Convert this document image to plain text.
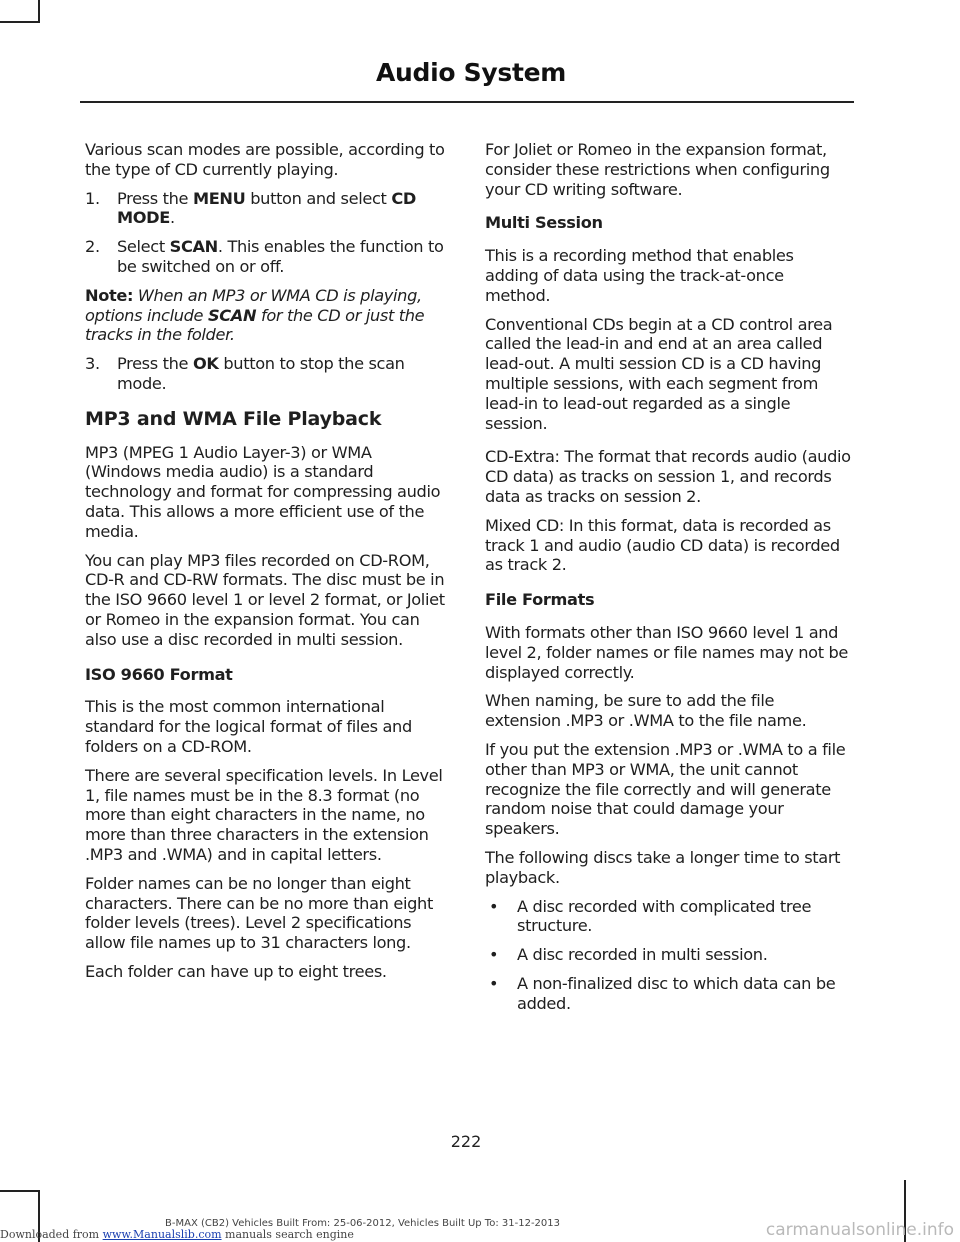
Audio System

Various scan modes are possible, according to the type of CD currently playing.

1.	Press the MENU button and select CD MODE.
2.	Select SCAN. This enables the function to be switched on or off.

Note: When an MP3 or WMA CD is playing, options include SCAN for the CD or just the tracks in the folder.

3.	Press the OK button to stop the scan mode.
MP3 and WMA File Playback

MP3 (MPEG 1 Audio Layer-3) or WMA (Windows media audio) is a standard technology and format for compressing audio data. This allows a more efficient use of the media.

You can play MP3 files recorded on CD-ROM, CD-R and CD-RW formats. The disc must be in the ISO 9660 level 1 or level 2 format, or Joliet or Romeo in the expansion format. You can also use a disc recorded in multi session.

ISO 9660 Format

This is the most common international standard for the logical format of files and folders on a CD-ROM.

There are several specification levels. In Level 1, file names must be in the 8.3 format (no more than eight characters in the name, no more than three characters in the extension .MP3 and .WMA) and in capital letters.

Folder names can be no longer than eight characters. There can be no more than eight folder levels (trees). Level 2 specifications allow file names up to 31 characters long.

Each folder can have up to eight trees.

For Joliet or Romeo in the expansion format, consider these restrictions when configuring your CD writing software.

Multi Session

This is a recording method that enables adding of data using the track-at-once method.

Conventional CDs begin at a CD control area called the lead-in and end at an area called lead-out. A multi session CD is a CD having multiple sessions, with each segment from lead-in to lead-out regarded as a single session.

CD-Extra: The format that records audio (audio CD data) as tracks on session 1, and records data as tracks on session 2.

Mixed CD: In this format, data is recorded as track 1 and audio (audio CD data) is recorded as track 2.

File Formats

With formats other than ISO 9660 level 1 and level 2, folder names or file names may not be displayed correctly.

When naming, be sure to add the file extension .MP3 or .WMA to the file name.

If you put the extension .MP3 or .WMA to a file other than MP3 or WMA, the unit cannot recognize the file correctly and will generate random noise that could damage your speakers.

The following discs take a longer time to start playback.

•	A disc recorded with complicated tree structure.
•	A disc recorded in multi session.
•	A non-finalized disc to which data can be added.
222
Downloaded from www.Manualslib.com manuals search engine
B-MAX (CB2) Vehicles Built From: 25-06-2012, Vehicles Built Up To: 31-12-2013	carmanualsonline.info
